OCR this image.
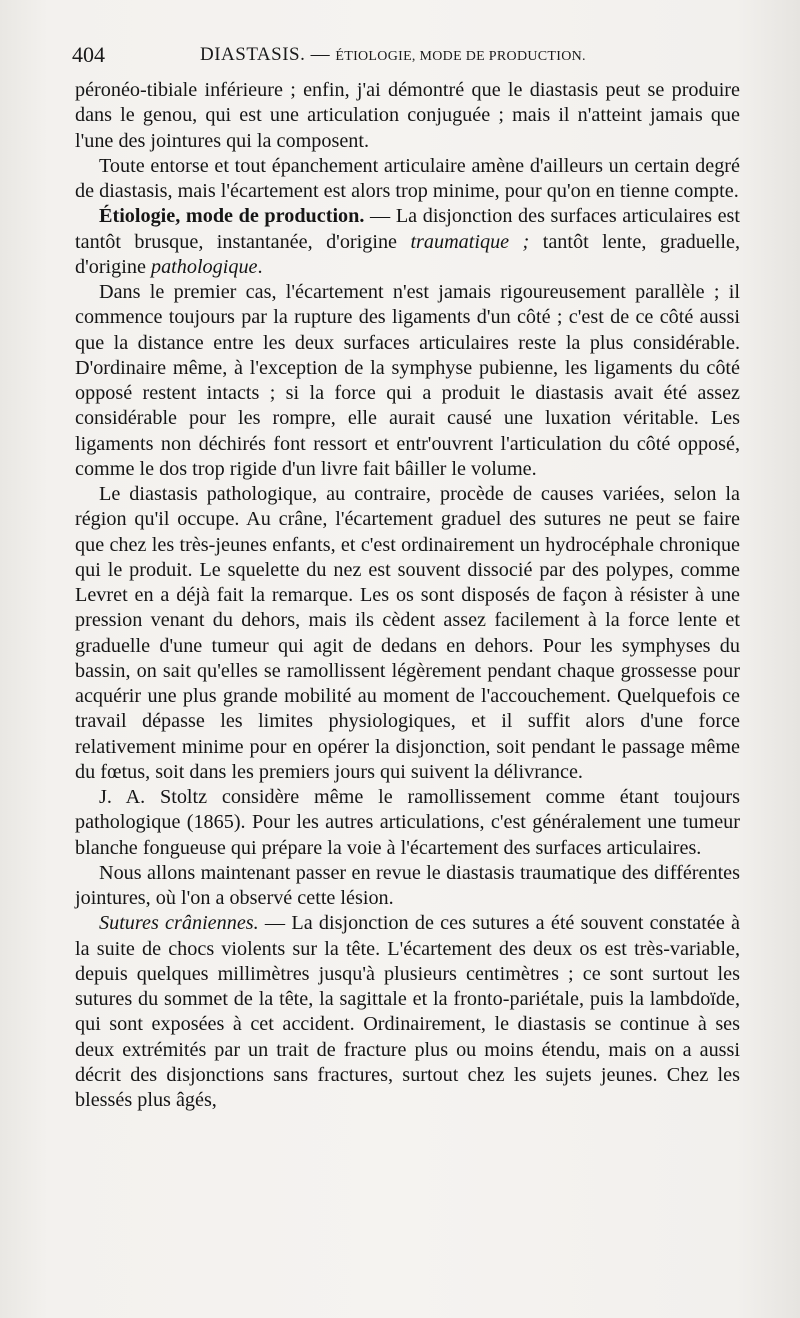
404	DIASTASIS. — ÉTIOLOGIE, MODE DE PRODUCTION.

péronéo-tibiale inférieure ; enfin, j'ai démontré que le diastasis peut se produire dans le genou, qui est une articulation conjuguée ; mais il n'atteint jamais que l'une des jointures qui la composent.

Toute entorse et tout épanchement articulaire amène d'ailleurs un certain degré de diastasis, mais l'écartement est alors trop minime, pour qu'on en tienne compte.

Étiologie, mode de production. — La disjonction des surfaces articulaires est tantôt brusque, instantanée, d'origine traumatique ; tantôt lente, graduelle, d'origine pathologique.

Dans le premier cas, l'écartement n'est jamais rigoureusement parallèle ; il commence toujours par la rupture des ligaments d'un côté ; c'est de ce côté aussi que la distance entre les deux surfaces articulaires reste la plus considérable. D'ordinaire même, à l'exception de la symphyse pubienne, les ligaments du côté opposé restent intacts ; si la force qui a produit le diastasis avait été assez considérable pour les rompre, elle aurait causé une luxation véritable. Les ligaments non déchirés font ressort et entr'ouvrent l'articulation du côté opposé, comme le dos trop rigide d'un livre fait bâiller le volume.

Le diastasis pathologique, au contraire, procède de causes variées, selon la région qu'il occupe. Au crâne, l'écartement graduel des sutures ne peut se faire que chez les très-jeunes enfants, et c'est ordinairement un hydrocéphale chronique qui le produit. Le squelette du nez est souvent dissocié par des polypes, comme Levret en a déjà fait la remarque. Les os sont disposés de façon à résister à une pression venant du dehors, mais ils cèdent assez facilement à la force lente et graduelle d'une tumeur qui agit de dedans en dehors. Pour les symphyses du bassin, on sait qu'elles se ramollissent légèrement pendant chaque grossesse pour acquérir une plus grande mobilité au moment de l'accouchement. Quelquefois ce travail dépasse les limites physiologiques, et il suffit alors d'une force relativement minime pour en opérer la disjonction, soit pendant le passage même du fœtus, soit dans les premiers jours qui suivent la délivrance.

J. A. Stoltz considère même le ramollissement comme étant toujours pathologique (1865). Pour les autres articulations, c'est généralement une tumeur blanche fongueuse qui prépare la voie à l'écartement des surfaces articulaires.

Nous allons maintenant passer en revue le diastasis traumatique des différentes jointures, où l'on a observé cette lésion.

Sutures crâniennes. — La disjonction de ces sutures a été souvent constatée à la suite de chocs violents sur la tête. L'écartement des deux os est très-variable, depuis quelques millimètres jusqu'à plusieurs centimètres ; ce sont surtout les sutures du sommet de la tête, la sagittale et la fronto-pariétale, puis la lambdoïde, qui sont exposées à cet accident. Ordinairement, le diastasis se continue à ses deux extrémités par un trait de fracture plus ou moins étendu, mais on a aussi décrit des disjonctions sans fractures, surtout chez les sujets jeunes. Chez les blessés plus âgés,
